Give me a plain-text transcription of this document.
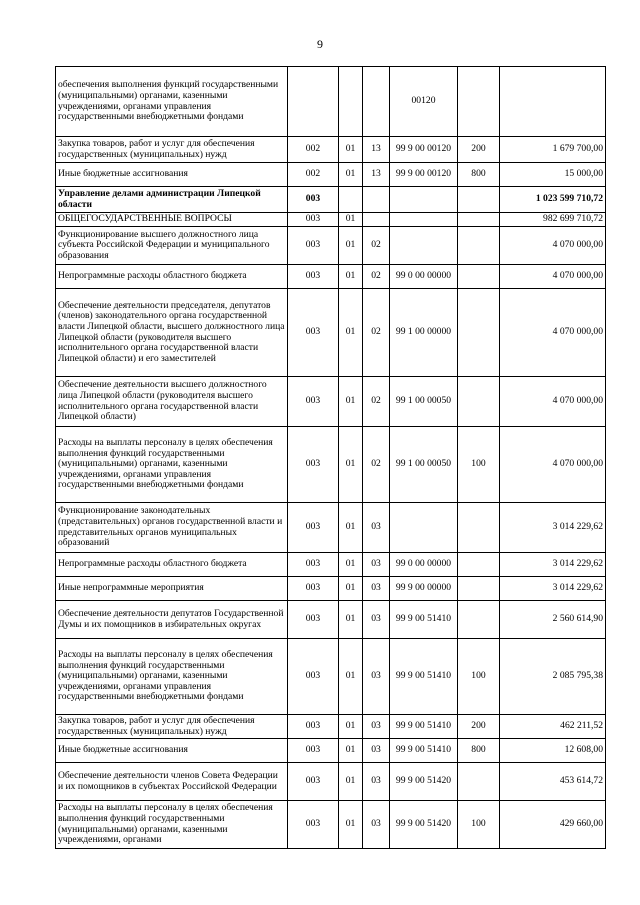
9
обеспечения выполнения функций государственными (муниципальными) органами, казенными учреждениями, органами управления государственными внебюджетными фондами				00120		
Закупка товаров, работ и услуг для обеспечения государственных (муниципальных) нужд	002	01	13	99 9 00 00120	200	1 679 700,00
Иные бюджетные ассигнования	002	01	13	99 9 00 00120	800	15 000,00
Управление делами администрации Липецкой области	003					1 023 599 710,72
ОБЩЕГОСУДАРСТВЕННЫЕ ВОПРОСЫ	003	01				982 699 710,72
Функционирование высшего должностного лица субъекта Российской Федерации и муниципального образования	003	01	02			4 070 000,00
Непрограммные расходы областного бюджета	003	01	02	99 0 00 00000		4 070 000,00
Обеспечение деятельности председателя, депутатов (членов) законодательного органа государственной власти Липецкой области, высшего должностного лица Липецкой области (руководителя высшего исполнительного органа государственной власти Липецкой области) и его заместителей	003	01	02	99 1 00 00000		4 070 000,00
Обеспечение деятельности высшего должностного лица Липецкой области (руководителя высшего исполнительного органа государственной власти Липецкой области)	003	01	02	99 1 00 00050		4 070 000,00
Расходы на выплаты персоналу в целях обеспечения выполнения функций государственными (муниципальными) органами, казенными учреждениями, органами управления государственными внебюджетными фондами	003	01	02	99 1 00 00050	100	4 070 000,00
Функционирование законодательных (представительных) органов государственной власти и представительных органов муниципальных образований	003	01	03			3 014 229,62
Непрограммные расходы областного бюджета	003	01	03	99 0 00 00000		3 014 229,62
Иные непрограммные мероприятия	003	01	03	99 9 00 00000		3 014 229,62
Обеспечение деятельности депутатов Государственной Думы и их помощников в избирательных округах	003	01	03	99 9 00 51410		2 560 614,90
Расходы на выплаты персоналу в целях обеспечения выполнения функций государственными (муниципальными) органами, казенными учреждениями, органами управления государственными внебюджетными фондами	003	01	03	99 9 00 51410	100	2 085 795,38
Закупка товаров, работ и услуг для обеспечения государственных (муниципальных) нужд	003	01	03	99 9 00 51410	200	462 211,52
Иные бюджетные ассигнования	003	01	03	99 9 00 51410	800	12 608,00
Обеспечение деятельности членов Совета Федерации и их помощников в субъектах Российской Федерации	003	01	03	99 9 00 51420		453 614,72
Расходы на выплаты персоналу в целях обеспечения выполнения функций государственными (муниципальными) органами, казенными учреждениями, органами	003	01	03	99 9 00 51420	100	429 660,00
